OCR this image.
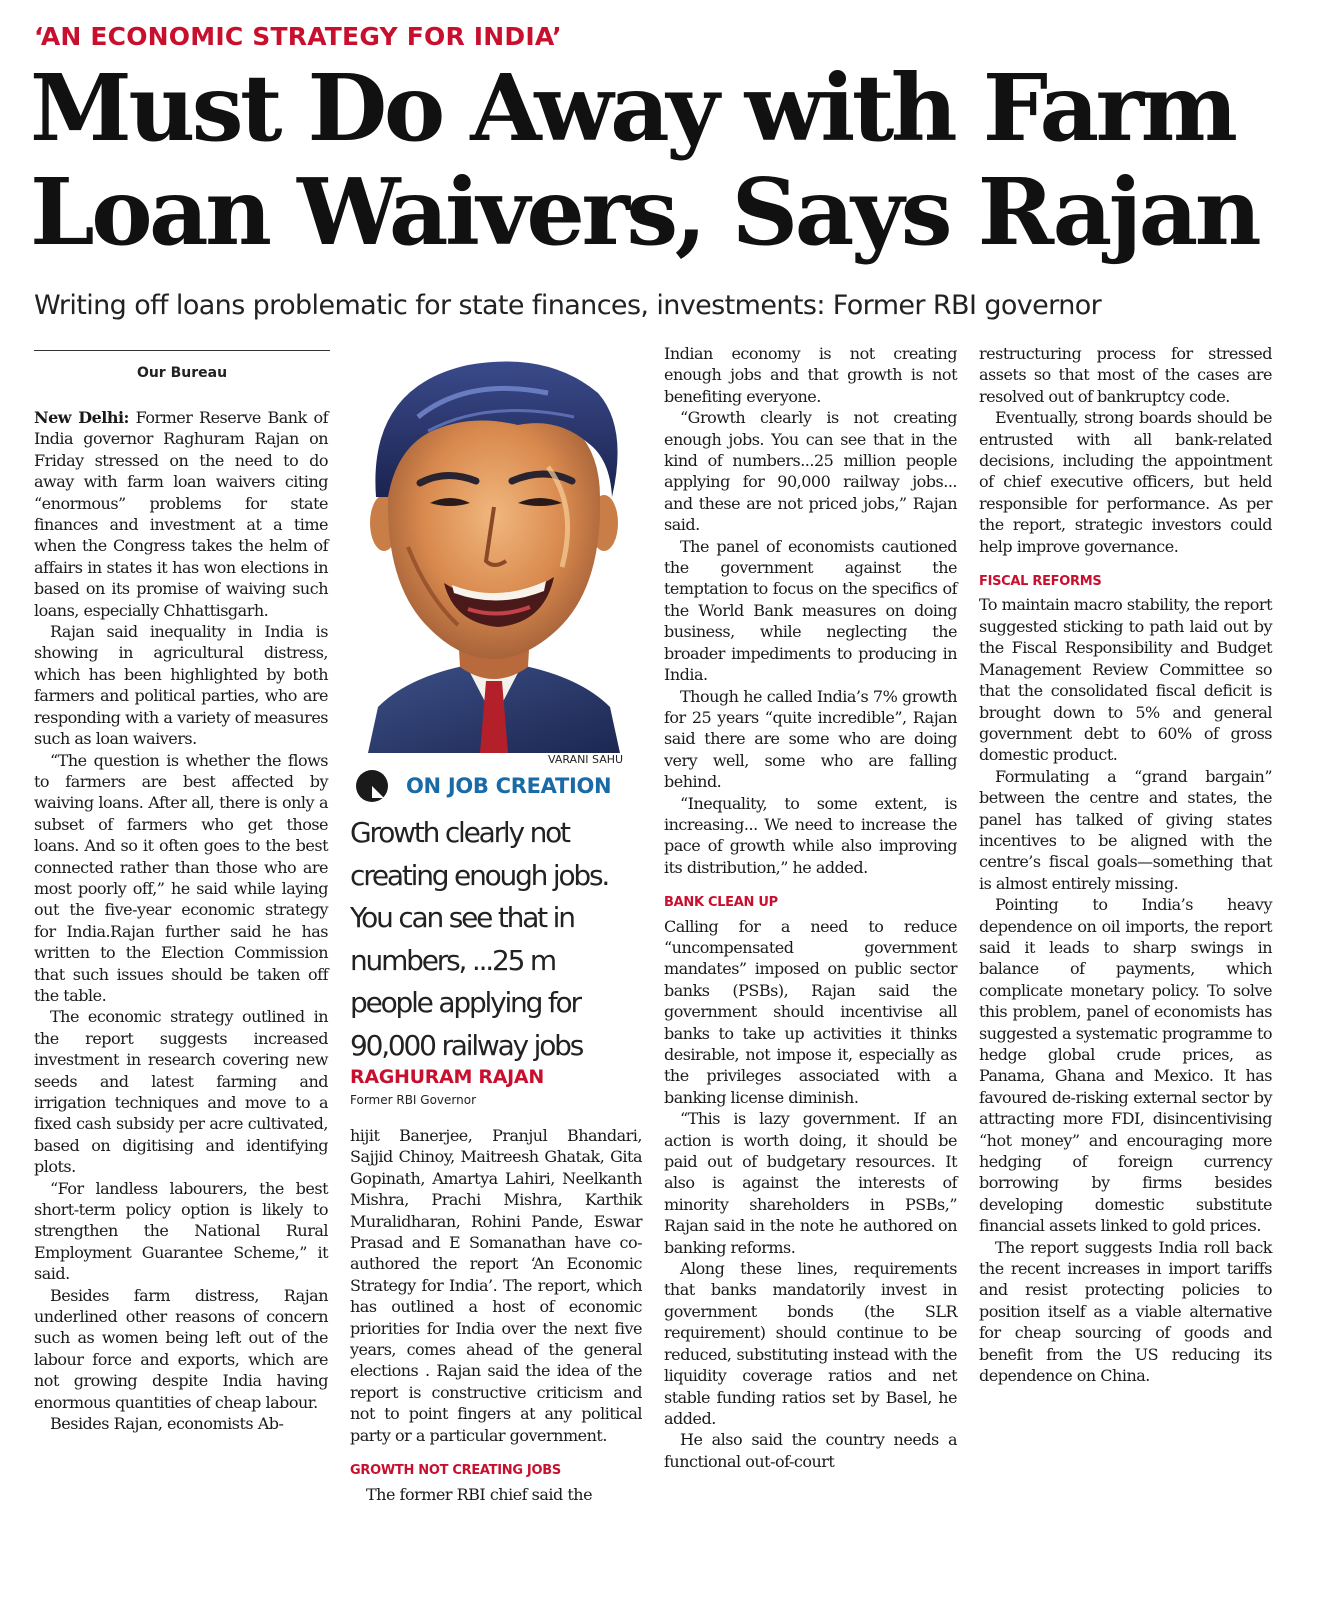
‘AN ECONOMIC STRATEGY FOR INDIA’
Must Do Away with Farm
Loan Waivers, Says Rajan
Writing off loans problematic for state finances, investments: Former RBI governor
Our Bureau

New Delhi: Former Reserve Bank of India governor Raghuram Rajan on Friday stressed on the need to do away with farm loan waivers citing “enormous” problems for state finances and investment at a time when the Congress takes the helm of affairs in states it has won elections in based on its promise of waiving such loans, especially Chhattisgarh.

Rajan said inequality in India is showing in agricultural distress, which has been highlighted by both farmers and political parties, who are responding with a variety of measures such as loan waivers.

“The question is whether the flows to farmers are best affected by waiving loans. After all, there is only a subset of farmers who get those loans. And so it often goes to the best connected rather than those who are most poorly off,” he said while laying out the five-year economic strategy for India.Rajan further said he has written to the Election Commission that such issues should be taken off the table.

The economic strategy outlined in the report suggests increased investment in research covering new seeds and latest farming and irrigation techniques and move to a fixed cash subsidy per acre cultivated, based on digitising and identifying plots.

“For landless labourers, the best short-term policy option is likely to strengthen the National Rural Employment Guarantee Scheme,” it said.

Besides farm distress, Rajan underlined other reasons of concern such as women being left out of the labour force and exports, which are not growing despite India having enormous quantities of cheap labour.

Besides Rajan, economists Ab-

VARANI SAHU
ON JOB CREATION
Growth clearly not creating enough jobs. You can see that in numbers, ...25 m people applying for 90,000 railway jobs
RAGHURAM RAJAN
Former RBI Governor

hijit Banerjee, Pranjul Bhandari, Sajjid Chinoy, Maitreesh Ghatak, Gita Gopinath, Amartya Lahiri, Neelkanth Mishra, Prachi Mishra, Karthik Muralidharan, Rohini Pande, Eswar Prasad and E Somanathan have co-authored the report ‘An Economic Strategy for India’. The report, which has outlined a host of economic priorities for India over the next five years, comes ahead of the general elections . Rajan said the idea of the report is constructive criticism and not to point fingers at any political party or a particular government.

GROWTH NOT CREATING JOBS

The former RBI chief said the

Indian economy is not creating enough jobs and that growth is not benefiting everyone.

“Growth clearly is not creating enough jobs. You can see that in the kind of numbers...25 million people applying for 90,000 railway jobs... and these are not priced jobs,” Rajan said.

The panel of economists cautioned the government against the temptation to focus on the specifics of the World Bank measures on doing business, while neglecting the broader impediments to producing in India.

Though he called India’s 7% growth for 25 years “quite incredible”, Rajan said there are some who are doing very well, some who are falling behind.

“Inequality, to some extent, is increasing... We need to increase the pace of growth while also improving its distribution,” he added.

BANK CLEAN UP

Calling for a need to reduce “uncompensated government mandates” imposed on public sector banks (PSBs), Rajan said the government should incentivise all banks to take up activities it thinks desirable, not impose it, especially as the privileges associated with a banking license diminish.

“This is lazy government. If an action is worth doing, it should be paid out of budgetary resources. It also is against the interests of minority shareholders in PSBs,” Rajan said in the note he authored on banking reforms.

Along these lines, requirements that banks mandatorily invest in government bonds (the SLR requirement) should continue to be reduced, substituting instead with the liquidity coverage ratios and net stable funding ratios set by Basel, he added.

He also said the country needs a functional out-of-court

restructuring process for stressed assets so that most of the cases are resolved out of bankruptcy code.

Eventually, strong boards should be entrusted with all bank-related decisions, including the appointment of chief executive officers, but held responsible for performance. As per the report, strategic investors could help improve governance.

FISCAL REFORMS

To maintain macro stability, the report suggested sticking to path laid out by the Fiscal Responsibility and Budget Management Review Committee so that the consolidated fiscal deficit is brought down to 5% and general government debt to 60% of gross domestic product.

Formulating a “grand bargain” between the centre and states, the panel has talked of giving states incentives to be aligned with the centre’s fiscal goals—something that is almost entirely missing.

Pointing to India’s heavy dependence on oil imports, the report said it leads to sharp swings in balance of payments, which complicate monetary policy. To solve this problem, panel of economists has suggested a systematic programme to hedge global crude prices, as Panama, Ghana and Mexico. It has favoured de-risking external sector by attracting more FDI, disincentivising “hot money” and encouraging more hedging of foreign currency borrowing by firms besides developing domestic substitute financial assets linked to gold prices.

The report suggests India roll back the recent increases in import tariffs and resist protecting policies to position itself as a viable alternative for cheap sourcing of goods and benefit from the US reducing its dependence on China.
